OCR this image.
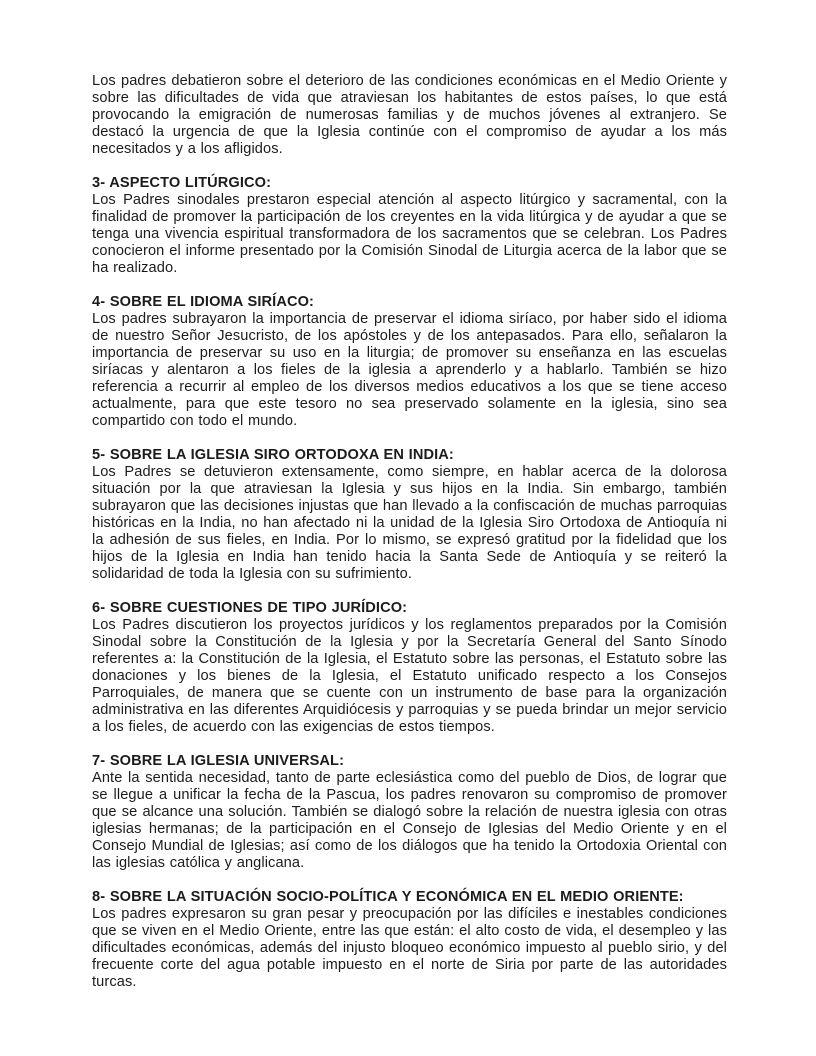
Los padres debatieron sobre el deterioro de las condiciones económicas en el Medio Oriente y sobre las dificultades de vida que atraviesan los habitantes de estos países, lo que está provocando la emigración de numerosas familias y de muchos jóvenes al extranjero. Se destacó la urgencia de que la Iglesia continúe con el compromiso de ayudar a los más necesitados y a los afligidos.

3- ASPECTO LITÚRGICO:

Los Padres sinodales prestaron especial atención al aspecto litúrgico y sacramental, con la finalidad de promover la participación de los creyentes en la vida litúrgica y de ayudar a que se tenga una vivencia espiritual transformadora de los sacramentos que se celebran. Los Padres conocieron el informe presentado por la Comisión Sinodal de Liturgia acerca de la labor que se ha realizado.

4- SOBRE EL IDIOMA SIRÍACO:

Los padres subrayaron la importancia de preservar el idioma siríaco, por haber sido el idioma de nuestro Señor Jesucristo, de los apóstoles y de los antepasados. Para ello, señalaron la importancia de preservar su uso en la liturgia; de promover su enseñanza en las escuelas siríacas y alentaron a los fieles de la iglesia a aprenderlo y a hablarlo. También se hizo referencia a recurrir al empleo de los diversos medios educativos a los que se tiene acceso actualmente, para que este tesoro no sea preservado solamente en la iglesia, sino sea compartido con todo el mundo.

5- SOBRE LA IGLESIA SIRO ORTODOXA EN INDIA:

Los Padres se detuvieron extensamente, como siempre, en hablar acerca de la dolorosa situación por la que atraviesan la Iglesia y sus hijos en la India. Sin embargo, también subrayaron que las decisiones injustas que han llevado a la confiscación de muchas parroquias históricas en la India, no han afectado ni la unidad de la Iglesia Siro Ortodoxa de Antioquía ni la adhesión de sus fieles, en India. Por lo mismo, se expresó gratitud por la fidelidad que los hijos de la Iglesia en India han tenido hacia la Santa Sede de Antioquía y se reiteró la solidaridad de toda la Iglesia con su sufrimiento.

6- SOBRE CUESTIONES DE TIPO JURÍDICO:

Los Padres discutieron los proyectos jurídicos y los reglamentos preparados por la Comisión Sinodal sobre la Constitución de la Iglesia y por la Secretaría General del Santo Sínodo referentes a: la Constitución de la Iglesia, el Estatuto sobre las personas, el Estatuto sobre las donaciones y los bienes de la Iglesia, el Estatuto unificado respecto a los Consejos Parroquiales, de manera que se cuente con un instrumento de base para la organización administrativa en las diferentes Arquidiócesis y parroquias y se pueda brindar un mejor servicio a los fieles, de acuerdo con las exigencias de estos tiempos.

7- SOBRE LA IGLESIA UNIVERSAL:

Ante la sentida necesidad, tanto de parte eclesiástica como del pueblo de Dios, de lograr que se llegue a unificar la fecha de la Pascua, los padres renovaron su compromiso de promover que se alcance una solución. También se dialogó sobre la relación de nuestra iglesia con otras iglesias hermanas; de la participación en el Consejo de Iglesias del Medio Oriente y en el Consejo Mundial de Iglesias; así como de los diálogos que ha tenido la Ortodoxia Oriental con las iglesias católica y anglicana.

8- SOBRE LA SITUACIÓN SOCIO-POLÍTICA Y ECONÓMICA EN EL MEDIO ORIENTE:

Los padres expresaron su gran pesar y preocupación por las difíciles e inestables condiciones que se viven en el Medio Oriente, entre las que están: el alto costo de vida, el desempleo y las dificultades económicas, además del injusto bloqueo económico impuesto al pueblo sirio, y del frecuente corte del agua potable impuesto en el norte de Siria por parte de las autoridades turcas.
